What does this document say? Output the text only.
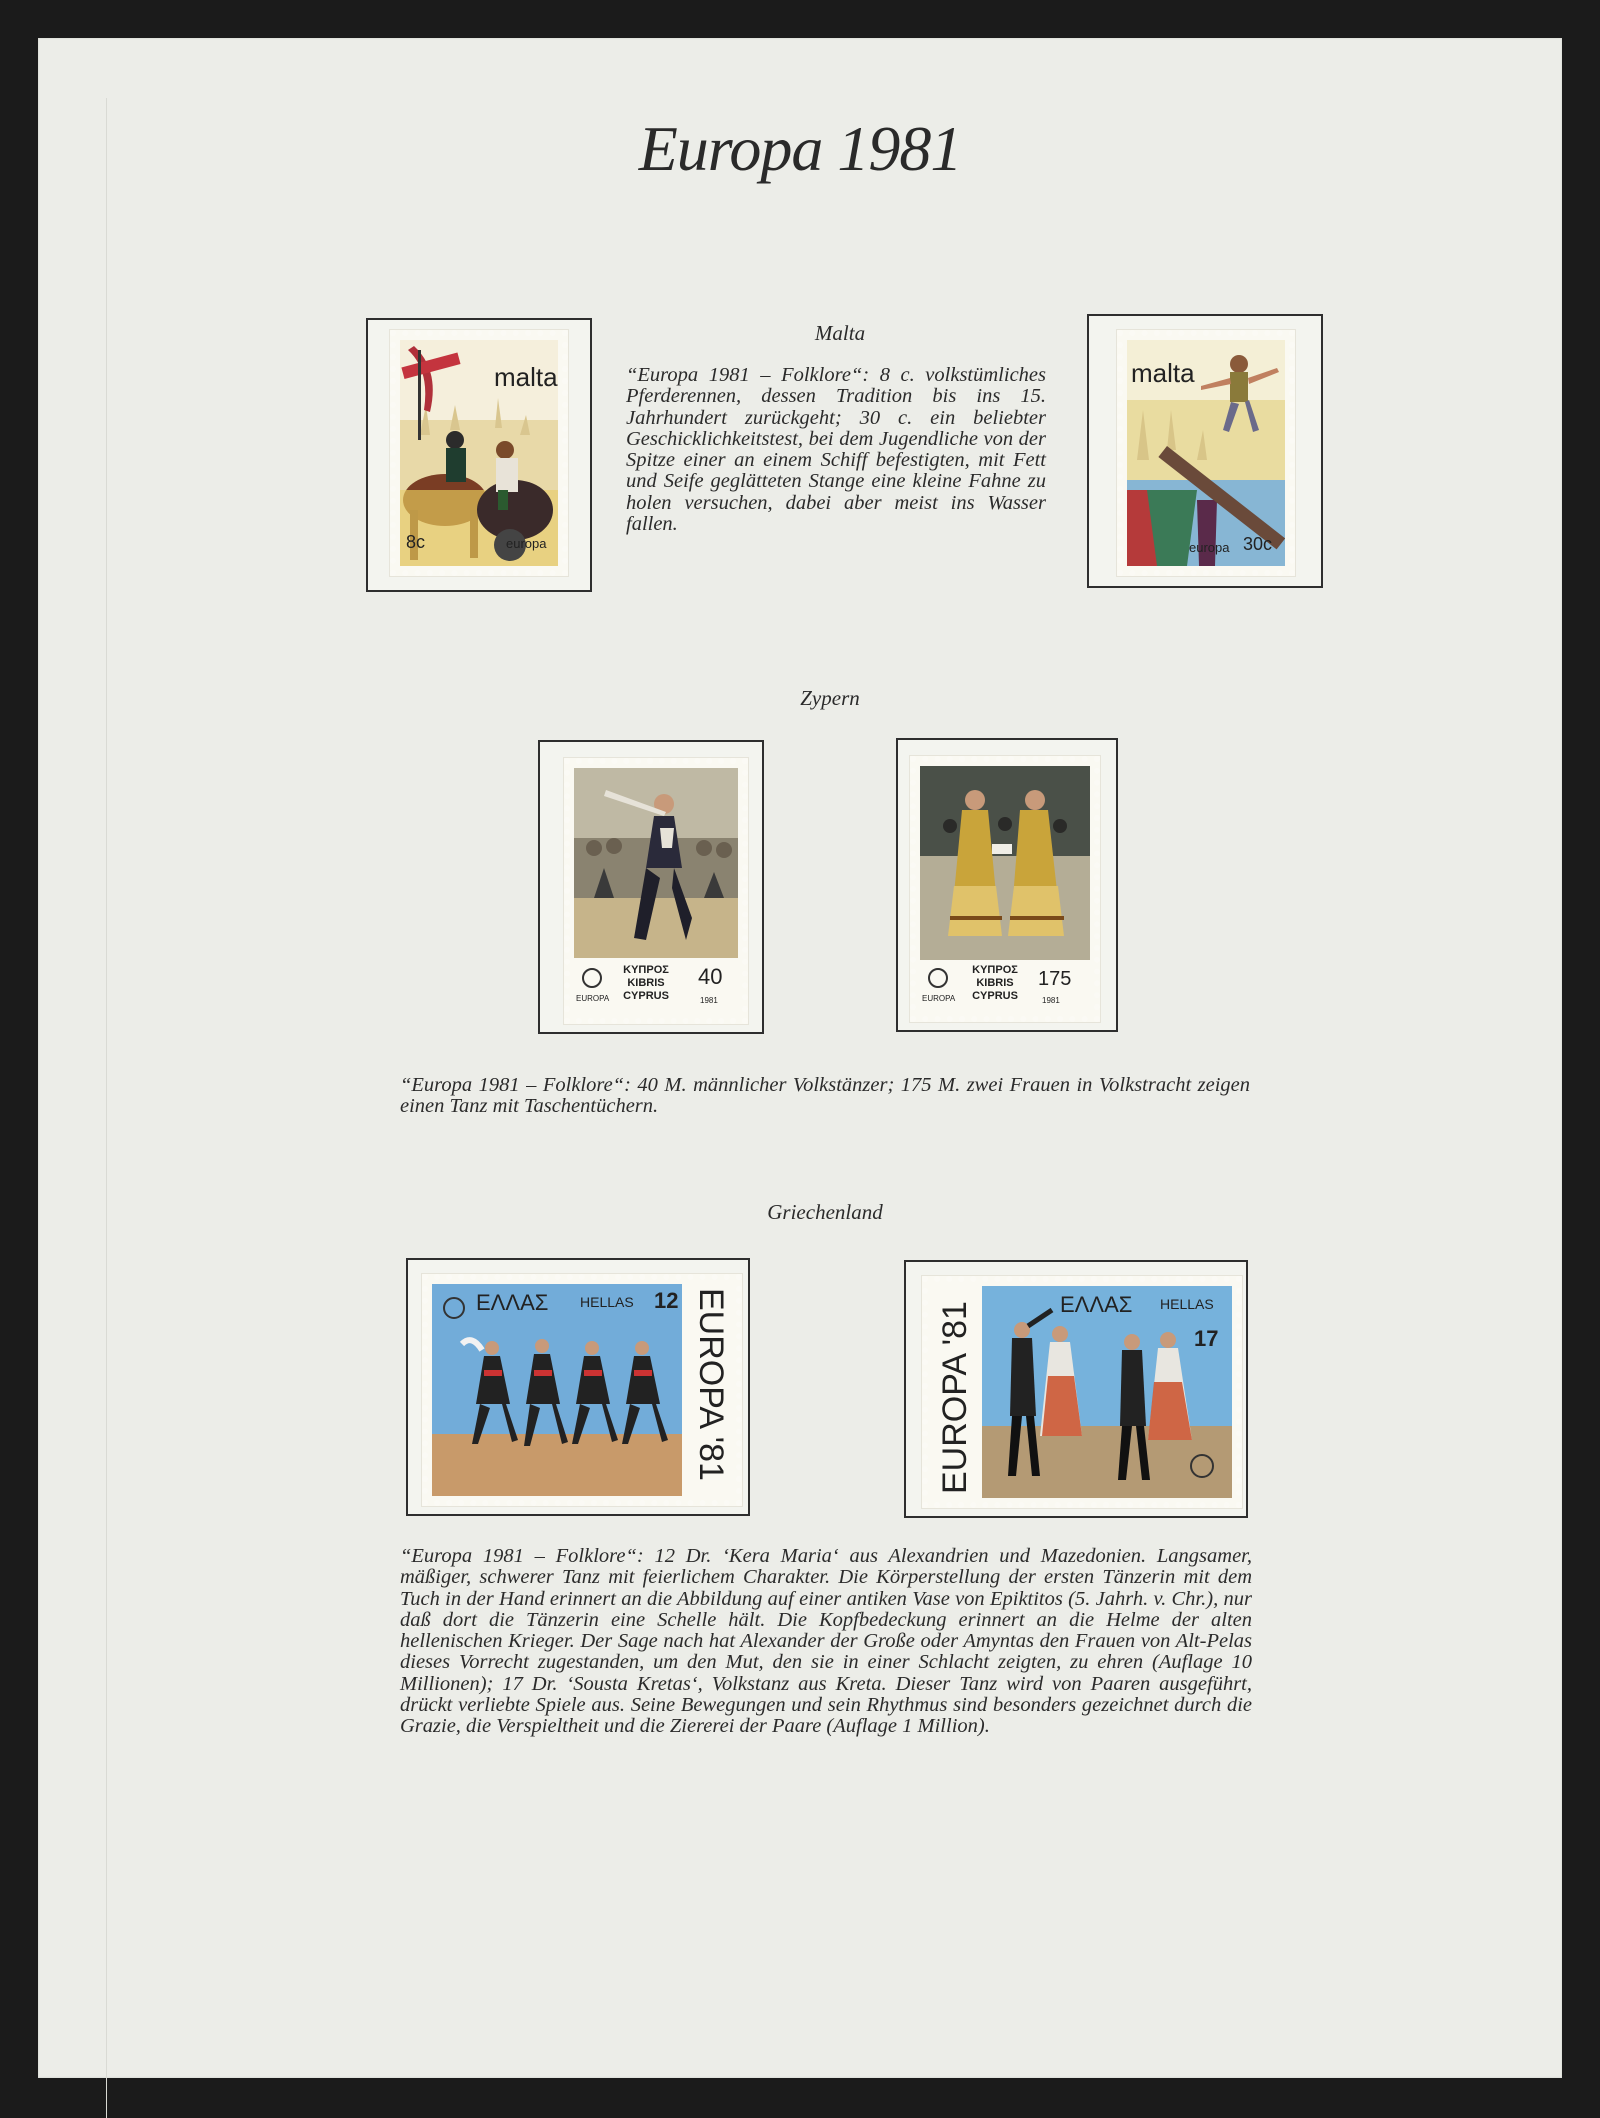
Europa 1981
Malta
“Europa 1981 – Folklore“: 8 c. volkstümliches Pferderennen, dessen Tradition bis ins 15. Jahrhundert zurückgeht; 30 c. ein beliebter Geschicklichkeitstest, bei dem Jugendliche von der Spitze einer an einem Schiff befestigten, mit Fett und Seife geglätteten Stange eine kleine Fahne zu holen versuchen, dabei aber meist ins Wasser fallen.
malta
8c	europa
malta
europa 30c
Zypern
EUROPA
ΚΥΠΡΟΣ
KIBRIS
CYPRUS
40
1981	EUROPA
ΚΥΠΡΟΣ
KIBRIS
CYPRUS
175
1981
“Europa 1981 – Folklore“: 40 M. männlicher Volkstänzer; 175 M. zwei Frauen in Volkstracht zeigen einen Tanz mit Taschentüchern.
Griechenland
ΕΛΛΑΣ HELLAS 12 EUROPA '81	EUROPA '81	ΕΛΛΑΣ HELLAS
17
“Europa 1981 – Folklore“: 12 Dr. ‘Kera Maria‘ aus Alexandrien und Mazedonien. Langsamer, mäßiger, schwerer Tanz mit feierlichem Charakter. Die Körperstellung der ersten Tänzerin mit dem Tuch in der Hand erinnert an die Abbildung auf einer antiken Vase von Epiktitos (5. Jahrh. v. Chr.), nur daß dort die Tänzerin eine Schelle hält. Die Kopfbedeckung erinnert an die Helme der alten hellenischen Krieger. Der Sage nach hat Alexander der Große oder Amyntas den Frauen von Alt-Pelas dieses Vorrecht zugestanden, um den Mut, den sie in einer Schlacht zeigten, zu ehren (Auflage 10 Millionen); 17 Dr. ‘Sousta Kretas‘, Volkstanz aus Kreta. Dieser Tanz wird von Paaren ausgeführt, drückt verliebte Spiele aus. Seine Bewegungen und sein Rhythmus sind besonders gezeichnet durch die Grazie, die Verspieltheit und die Ziererei der Paare (Auflage 1 Million).
